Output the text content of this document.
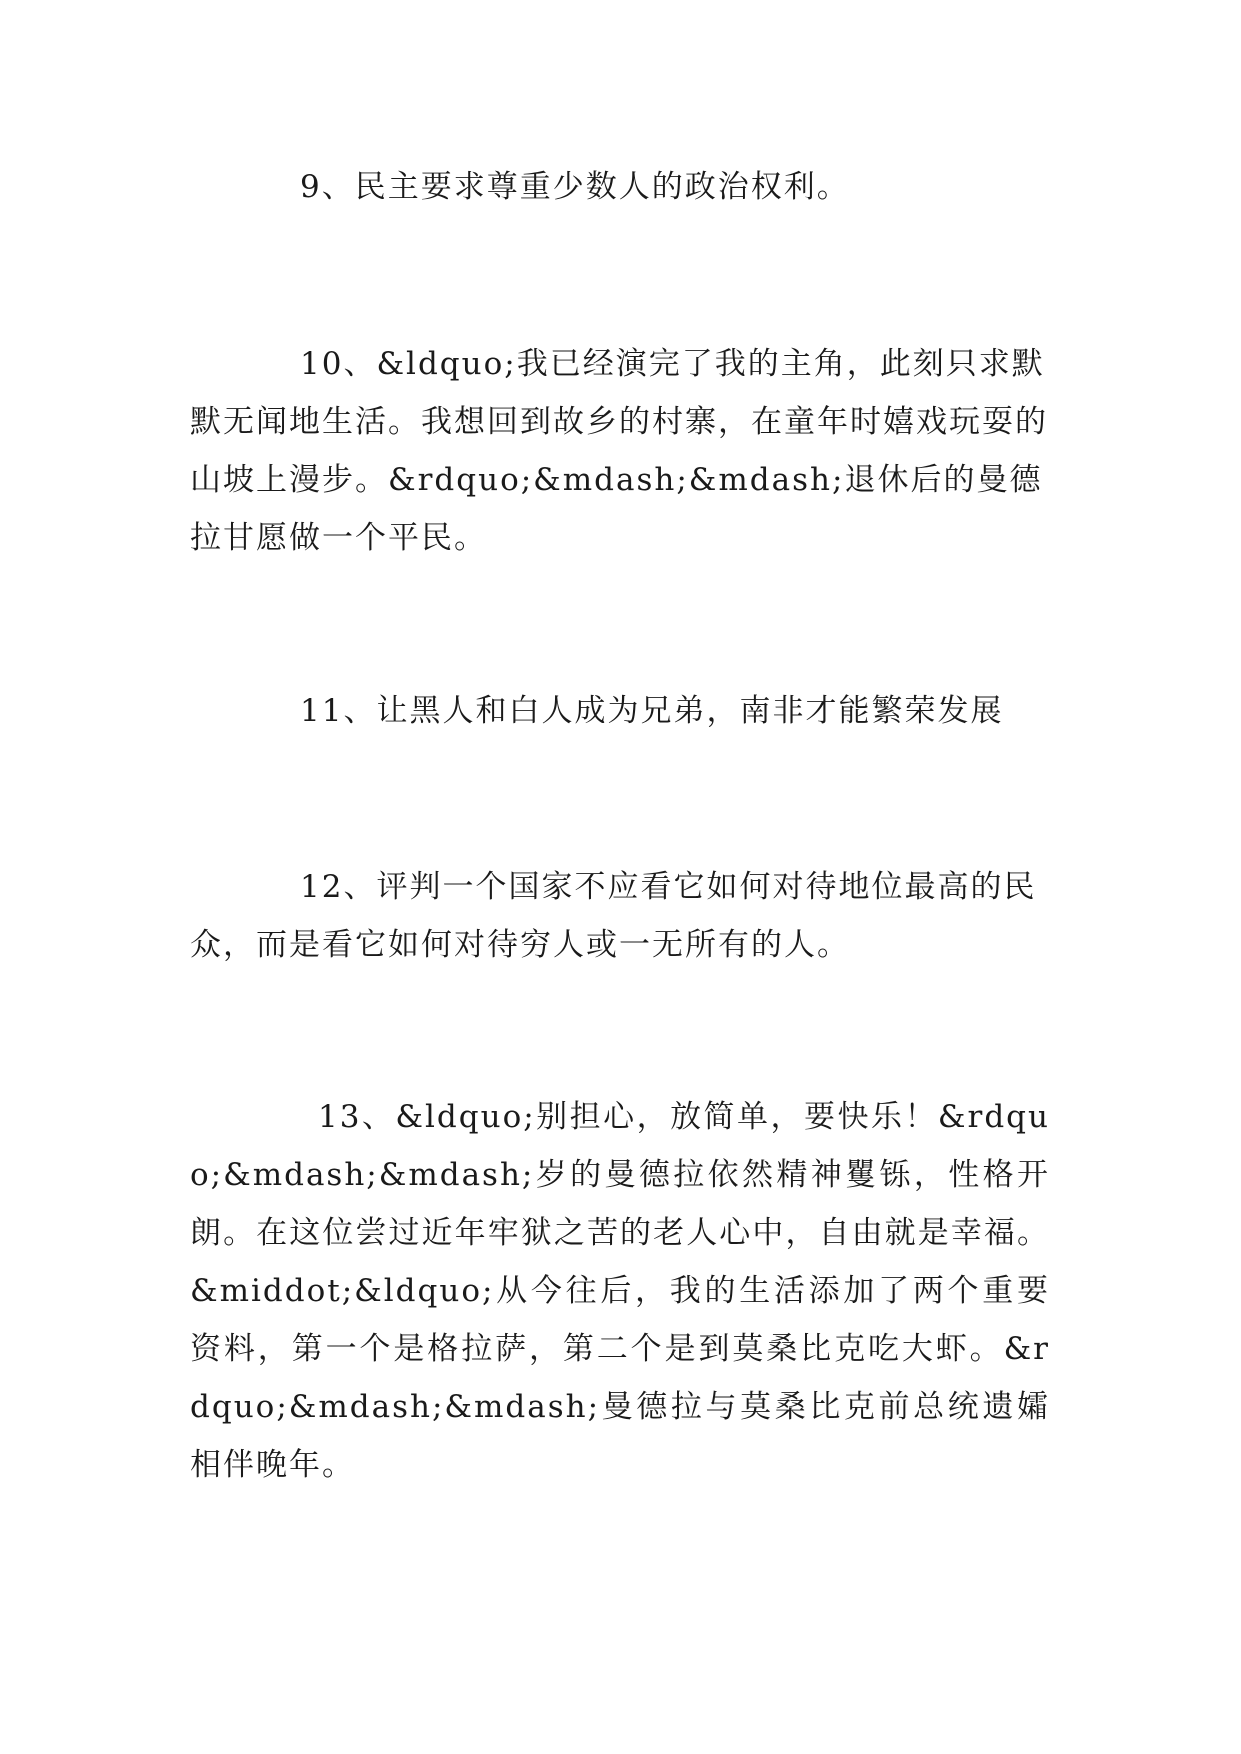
9、民主要求尊重少数人的政治权利。

10、&ldquo;我已经演完了我的主角，此刻只求默默无闻地生活。我想回到故乡的村寨，在童年时嬉戏玩耍的山坡上漫步。&rdquo;&mdash;&mdash;退休后的曼德拉甘愿做一个平民。

11、让黑人和白人成为兄弟，南非才能繁荣发展

12、评判一个国家不应看它如何对待地位最高的民众，而是看它如何对待穷人或一无所有的人。

13、&ldquo;别担心，放简单，要快乐！&rdquo;&mdash;&mdash;岁的曼德拉依然精神矍铄，性格开朗。在这位尝过近年牢狱之苦的老人心中，自由就是幸福。&middot;&ldquo;从今往后，我的生活添加了两个重要资料，第一个是格拉萨，第二个是到莫桑比克吃大虾。&rdquo;&mdash;&mdash;曼德拉与莫桑比克前总统遗孀相伴晚年。
